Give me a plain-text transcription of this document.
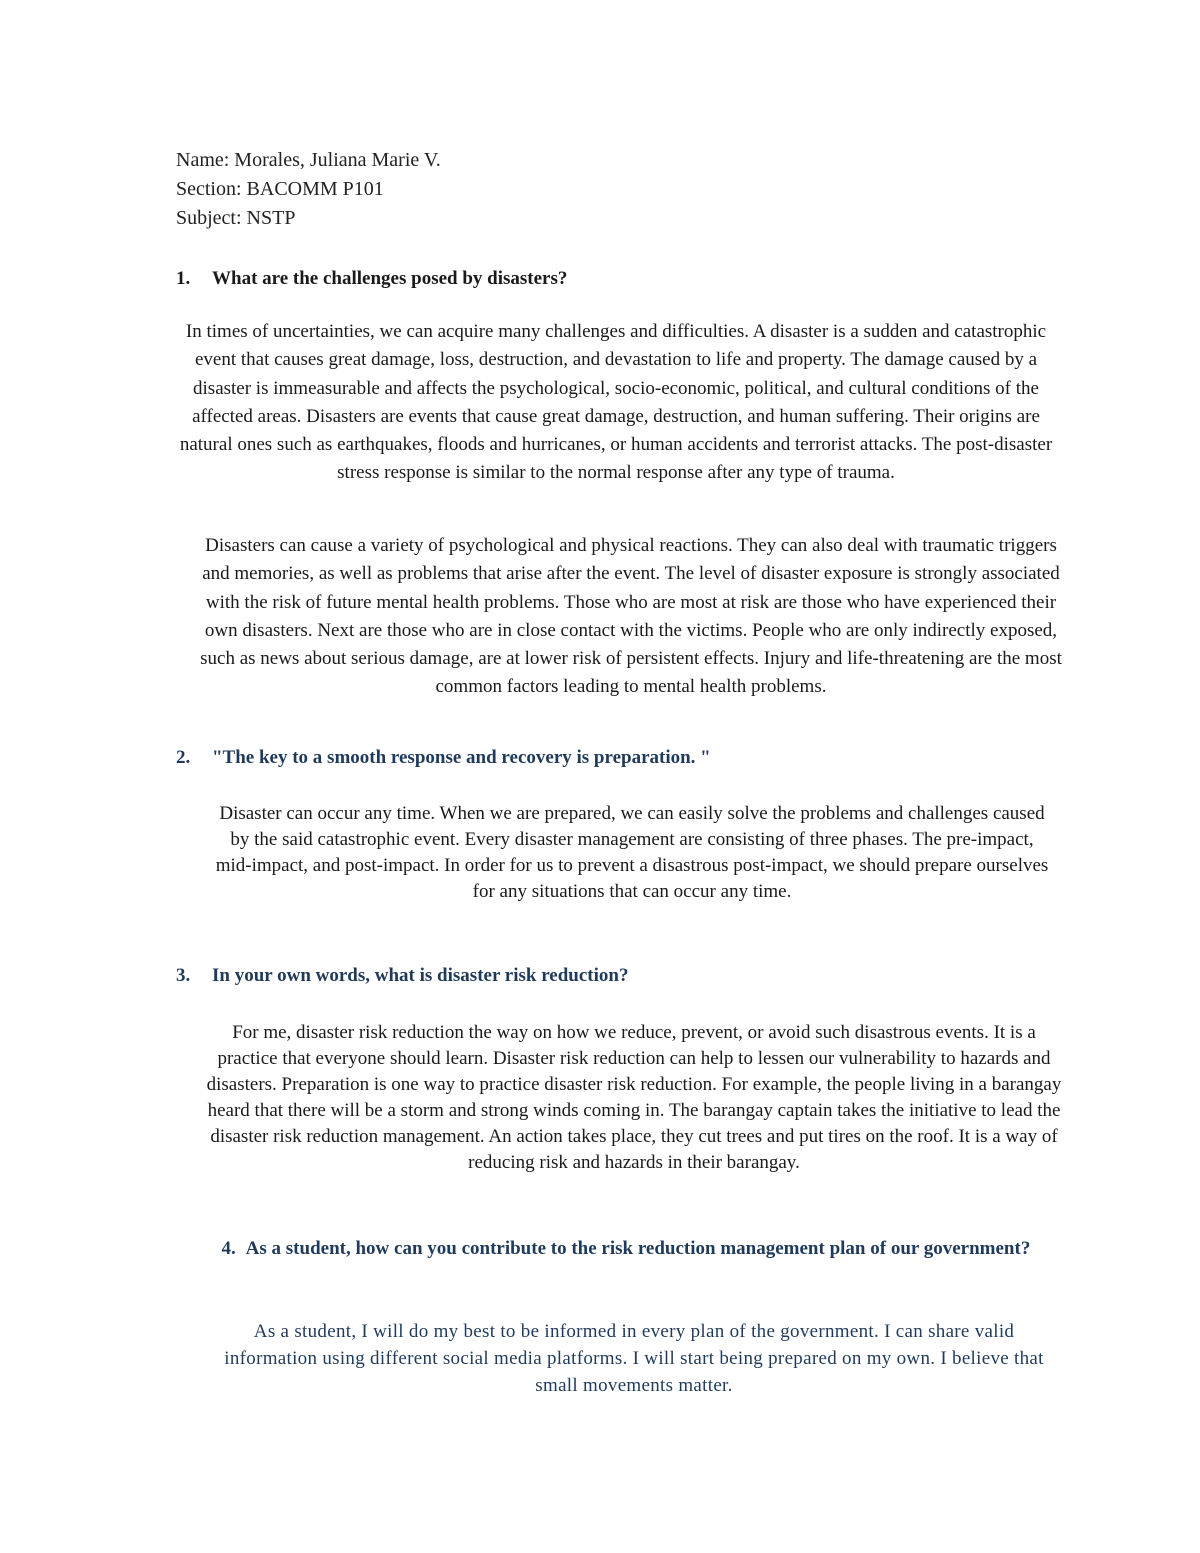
Name: Morales, Juliana Marie V.
Section: BACOMM P101
Subject: NSTP
1. What are the challenges posed by disasters?
In times of uncertainties, we can acquire many challenges and difficulties. A disaster is a sudden and catastrophic event that causes great damage, loss, destruction, and devastation to life and property. The damage caused by a disaster is immeasurable and affects the psychological, socio-economic, political, and cultural conditions of the affected areas. Disasters are events that cause great damage, destruction, and human suffering. Their origins are natural ones such as earthquakes, floods and hurricanes, or human accidents and terrorist attacks. The post-disaster stress response is similar to the normal response after any type of trauma.
Disasters can cause a variety of psychological and physical reactions. They can also deal with traumatic triggers and memories, as well as problems that arise after the event. The level of disaster exposure is strongly associated with the risk of future mental health problems. Those who are most at risk are those who have experienced their own disasters. Next are those who are in close contact with the victims. People who are only indirectly exposed, such as news about serious damage, are at lower risk of persistent effects. Injury and life-threatening are the most common factors leading to mental health problems.
2. "The key to a smooth response and recovery is preparation. "
Disaster can occur any time. When we are prepared, we can easily solve the problems and challenges caused by the said catastrophic event. Every disaster management are consisting of three phases. The pre-impact, mid-impact, and post-impact. In order for us to prevent a disastrous post-impact, we should prepare ourselves for any situations that can occur any time.
3. In your own words, what is disaster risk reduction?
For me, disaster risk reduction the way on how we reduce, prevent, or avoid such disastrous events. It is a practice that everyone should learn. Disaster risk reduction can help to lessen our vulnerability to hazards and disasters. Preparation is one way to practice disaster risk reduction. For example, the people living in a barangay heard that there will be a storm and strong winds coming in. The barangay captain takes the initiative to lead the disaster risk reduction management. An action takes place, they cut trees and put tires on the roof. It is a way of reducing risk and hazards in their barangay.
4. As a student, how can you contribute to the risk reduction management plan of our government?
As a student, I will do my best to be informed in every plan of the government. I can share valid information using different social media platforms. I will start being prepared on my own. I believe that small movements matter.
